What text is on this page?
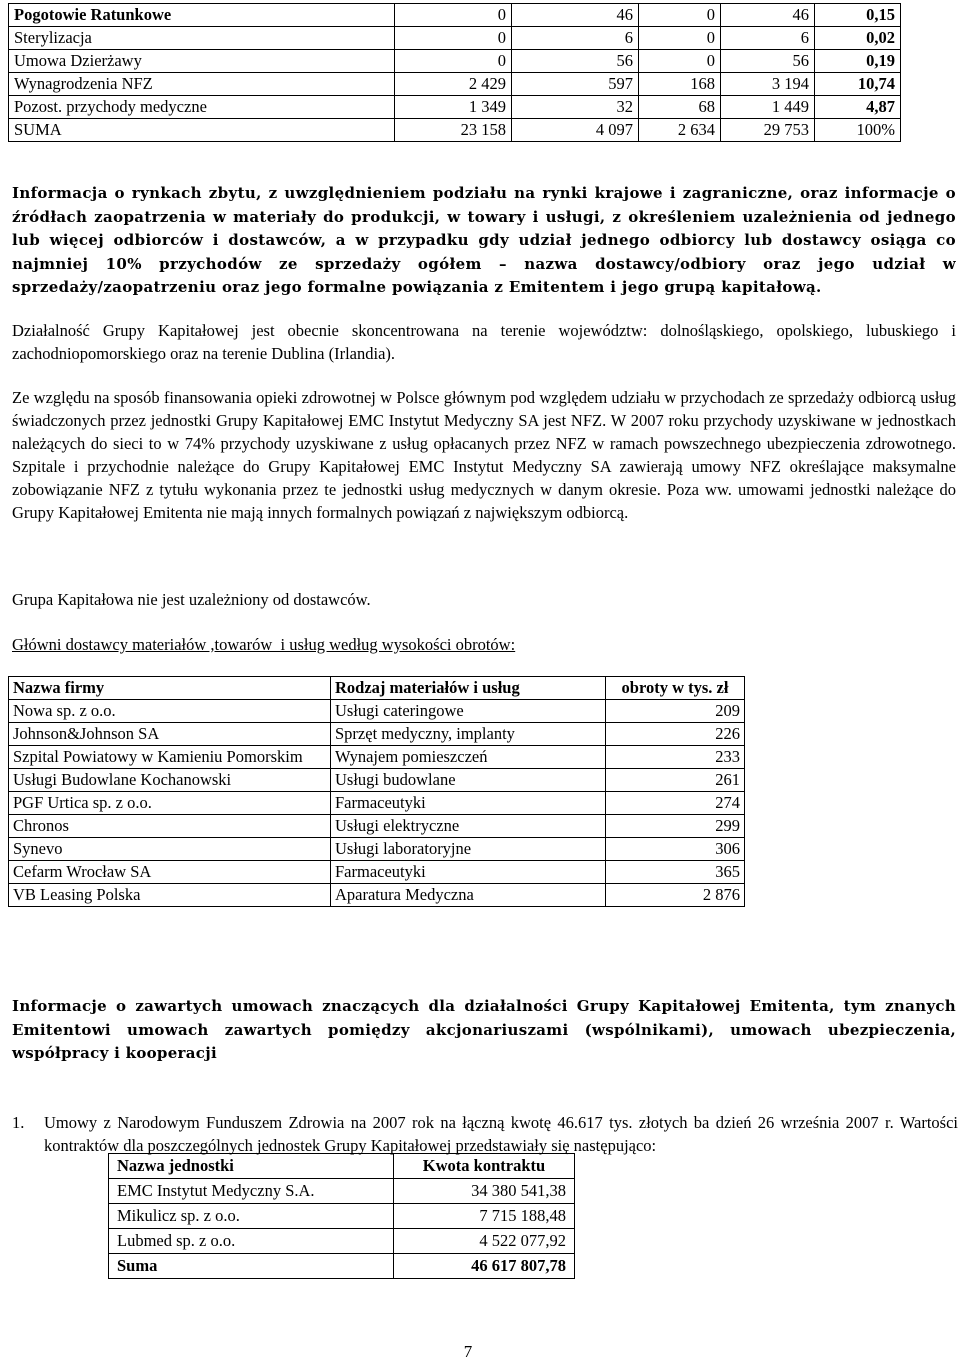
Pogotowie Ratunkowe	0	46	0	46	0,15
Sterylizacja	0	6	0	6	0,02
Umowa Dzierżawy	0	56	0	56	0,19
Wynagrodzenia NFZ	2 429	597	168	3 194	10,74
Pozost. przychody medyczne	1 349	32	68	1 449	4,87
SUMA	23 158	4 097	2 634	29 753	100%
Informacja o rynkach zbytu, z uwzględnieniem podziału na rynki krajowe i zagraniczne, oraz informacje o źródłach zaopatrzenia w materiały do produkcji, w towary i usługi, z określeniem uzależnienia od jednego lub więcej odbiorców i dostawców, a w przypadku gdy udział jednego odbiorcy lub dostawcy osiąga co najmniej 10% przychodów ze sprzedaży ogółem – nazwa dostawcy/odbiory oraz jego udział w sprzedaży/zaopatrzeniu oraz jego formalne powiązania z Emitentem i jego grupą kapitałową.
Działalność Grupy Kapitałowej jest obecnie skoncentrowana na terenie województw: dolnośląskiego, opolskiego, lubuskiego i zachodniopomorskiego oraz na terenie Dublina (Irlandia).
Ze względu na sposób finansowania opieki zdrowotnej w Polsce głównym pod względem udziału w przychodach ze sprzedaży odbiorcą usług świadczonych przez jednostki Grupy Kapitałowej EMC Instytut Medyczny SA jest NFZ. W 2007 roku przychody uzyskiwane w jednostkach należących do sieci to w 74% przychody uzyskiwane z usług opłacanych przez NFZ w ramach powszechnego ubezpieczenia zdrowotnego. Szpitale i przychodnie należące do Grupy Kapitałowej EMC Instytut Medyczny SA zawierają umowy NFZ określające maksymalne zobowiązanie NFZ z tytułu wykonania przez te jednostki usług medycznych w danym okresie. Poza ww. umowami jednostki należące do Grupy Kapitałowej Emitenta nie mają innych formalnych powiązań z największym odbiorcą.
Grupa Kapitałowa nie jest uzależniony od dostawców.
Główni dostawcy materiałów ,towarów  i usług według wysokości obrotów:
Nazwa firmy	Rodzaj materiałów i usług	obroty w tys. zł
Nowa sp. z o.o.	Usługi cateringowe	209
Johnson&Johnson SA	Sprzęt medyczny, implanty	226
Szpital Powiatowy w Kamieniu Pomorskim	Wynajem pomieszczeń	233
Usługi Budowlane Kochanowski	Usługi budowlane	261
PGF Urtica sp. z o.o.	Farmaceutyki	274
Chronos	Usługi elektryczne	299
Synevo	Usługi laboratoryjne	306
Cefarm Wrocław SA	Farmaceutyki	365
VB Leasing Polska	Aparatura Medyczna	2 876
Informacje o zawartych umowach znaczących dla działalności Grupy Kapitałowej Emitenta, tym znanych Emitentowi umowach zawartych pomiędzy akcjonariuszami (wspólnikami), umowach ubezpieczenia, współpracy i kooperacji
1. Umowy z Narodowym Funduszem Zdrowia na 2007 rok na łączną kwotę 46.617 tys. złotych ba dzień 26 września 2007 r. Wartości kontraktów dla poszczególnych jednostek Grupy Kapitałowej przedstawiały się następująco:
Nazwa jednostki	Kwota kontraktu
EMC Instytut Medyczny S.A.	34 380 541,38
Mikulicz sp. z o.o.	7 715 188,48
Lubmed sp. z o.o.	4 522 077,92
Suma	46 617 807,78
7
